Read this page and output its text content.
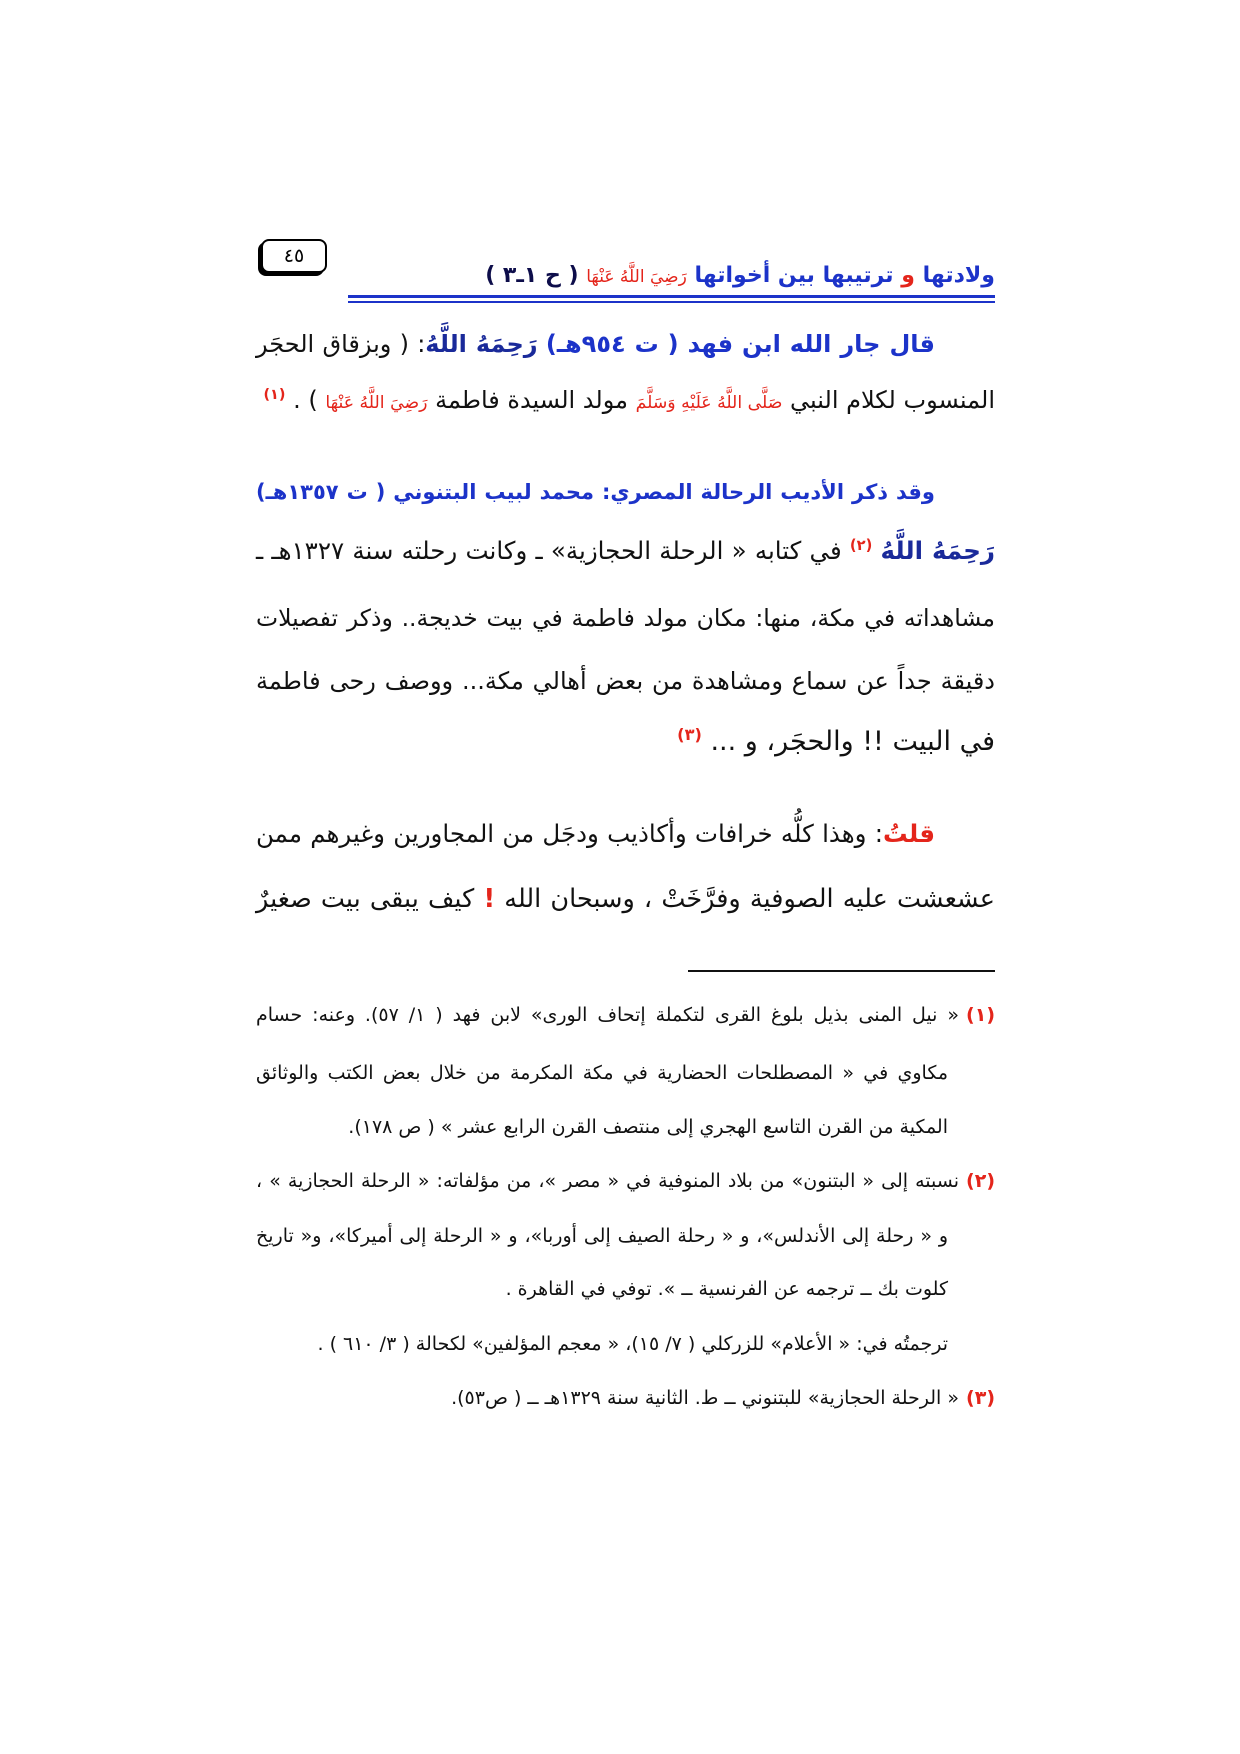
٤٥
ولادتها و ترتيبها بين أخواتها رَضِيَ اللَّهُ عَنْهَا ( ح ١ـ٣ )
قال جار الله ابن فهد ( ت ٩٥٤هـ) رَحِمَهُ اللَّهُ: ( وبزقاق الحجَر
المنسوب لكلام النبي صَلَّى اللَّهُ عَلَيْهِ وَسَلَّمَ مولد السيدة فاطمة رَضِيَ اللَّهُ عَنْهَا ) . $^{(١)}$
وقد ذكر الأديب الرحالة المصري: محمد لبيب البتنوني ( ت ١٣٥٧هـ)
رَحِمَهُ اللَّهُ $^{(٢)}$ في كتابه « الرحلة الحجازية» ـ وكانت رحلته سنة ١٣٢٧هـ ـ
مشاهداته في مكة، منها: مكان مولد فاطمة في بيت خديجة.. وذكر تفصيلات
دقيقة جداً عن سماع ومشاهدة من بعض أهالي مكة... ووصف رحى فاطمة
في البيت !! والحجَر، و ... $^{(٣)}$
قلتُ: وهذا كلُّه خرافات وأكاذيب ودجَل من المجاورين وغيرهم ممن
عشعشت عليه الصوفية وفرَّخَتْ ، وسبحان الله ! كيف يبقى بيت صغيرٌ
(١)
« نيل المنى بذيل بلوغ القرى لتكملة إتحاف الورى» لابن فهد ( ١/ ٥٧). وعنه: حسام
مكاوي في « المصطلحات الحضارية في مكة المكرمة من خلال بعض الكتب والوثائق
المكية من القرن التاسع الهجري إلى منتصف القرن الرابع عشر » ( ص ١٧٨).
(٢)
نسبته إلى « البتنون» من بلاد المنوفية في « مصر »، من مؤلفاته: « الرحلة الحجازية » ،
و « رحلة إلى الأندلس»، و « رحلة الصيف إلى أوربا»، و « الرحلة إلى أميركا»، و« تاريخ
كلوت بك ــ ترجمه عن الفرنسية ــ ». توفي في القاهرة .
ترجمتُه في: « الأعلام» للزركلي ( ٧/ ١٥)، « معجم المؤلفين» لكحالة ( ٣/ ٦١٠ ) .
(٣)
« الرحلة الحجازية» للبتنوني ــ ط. الثانية سنة ١٣٢٩هـ ــ ( ص٥٣).
